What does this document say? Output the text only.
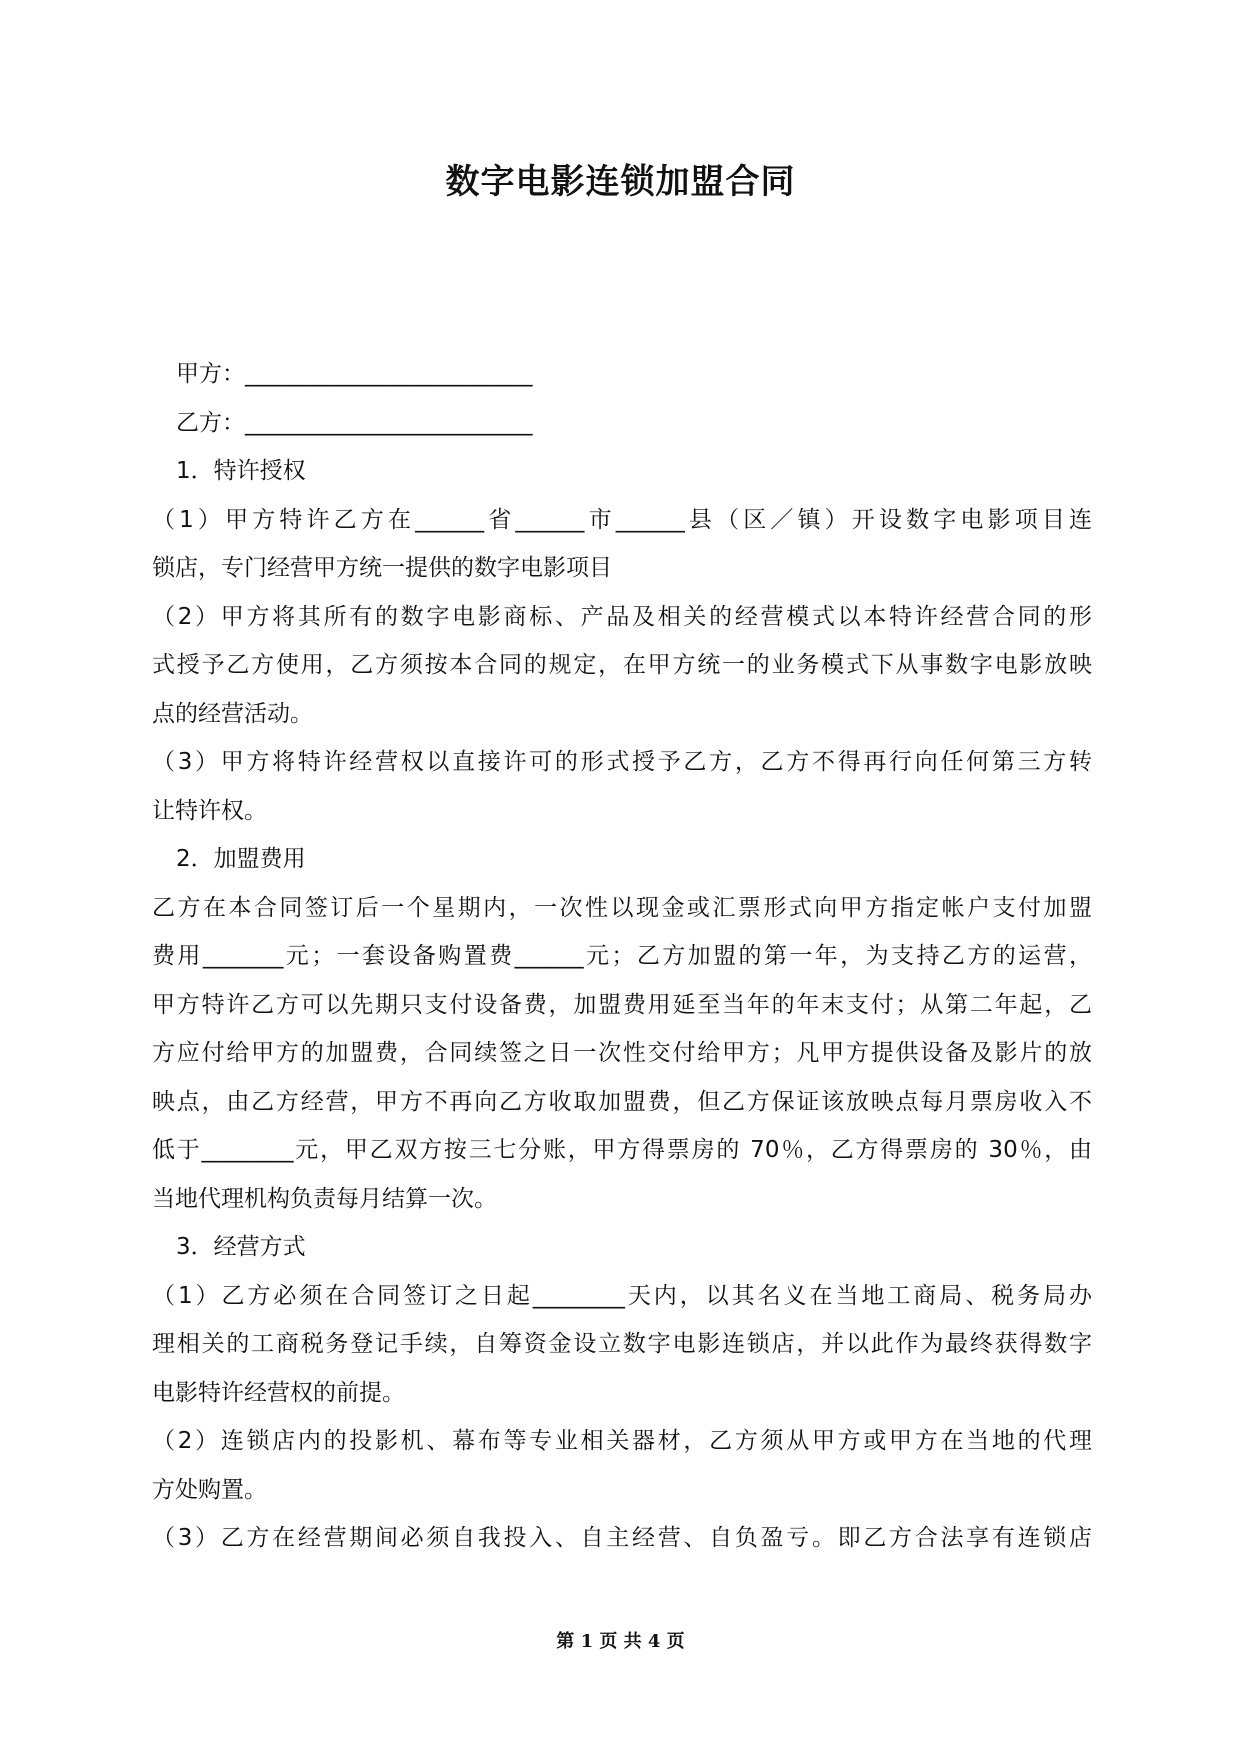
数字电影连锁加盟合同
甲方：_________________________
乙方：_________________________
1．特许授权
（1）甲方特许乙方在______省______市______县（区／镇）开设数字电影项目连
锁店，专门经营甲方统一提供的数字电影项目
（2）甲方将其所有的数字电影商标、产品及相关的经营模式以本特许经营合同的形
式授予乙方使用，乙方须按本合同的规定，在甲方统一的业务模式下从事数字电影放映
点的经营活动。
（3）甲方将特许经营权以直接许可的形式授予乙方，乙方不得再行向任何第三方转
让特许权。
2．加盟费用
乙方在本合同签订后一个星期内，一次性以现金或汇票形式向甲方指定帐户支付加盟
费用_______元；一套设备购置费______元；乙方加盟的第一年，为支持乙方的运营，
甲方特许乙方可以先期只支付设备费，加盟费用延至当年的年末支付；从第二年起，乙
方应付给甲方的加盟费，合同续签之日一次性交付给甲方；凡甲方提供设备及影片的放
映点，由乙方经营，甲方不再向乙方收取加盟费，但乙方保证该放映点每月票房收入不
低于________元，甲乙双方按三七分账，甲方得票房的 70％，乙方得票房的 30％，由
当地代理机构负责每月结算一次。
3．经营方式
（1）乙方必须在合同签订之日起________天内，以其名义在当地工商局、税务局办
理相关的工商税务登记手续，自筹资金设立数字电影连锁店，并以此作为最终获得数字
电影特许经营权的前提。
（2）连锁店内的投影机、幕布等专业相关器材，乙方须从甲方或甲方在当地的代理
方处购置。
（3）乙方在经营期间必须自我投入、自主经营、自负盈亏。即乙方合法享有连锁店
第 1 页 共 4 页
